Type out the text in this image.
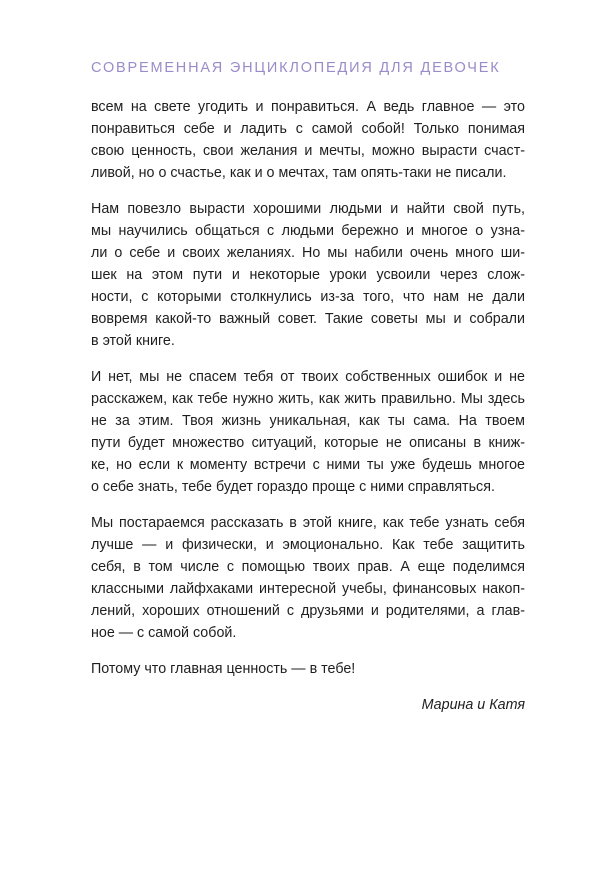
СОВРЕМЕННАЯ ЭНЦИКЛОПЕДИЯ ДЛЯ ДЕВОЧЕК

всем на свете угодить и понравиться. А ведь главное — это
понравиться себе и ладить с самой собой! Только понимая
свою ценность, свои желания и мечты, можно вырасти счаст-
ливой, но о счастье, как и о мечтах, там опять-таки не писали.

Нам повезло вырасти хорошими людьми и найти свой путь,
мы научились общаться с людьми бережно и многое о узна-
ли о себе и своих желаниях. Но мы набили очень много ши-
шек на этом пути и некоторые уроки усвоили через слож-
ности, с которыми столкнулись из-за того, что нам не дали
вовремя какой-то важный совет. Такие советы мы и собрали
в этой книге.

И нет, мы не спасем тебя от твоих собственных ошибок и не
расскажем, как тебе нужно жить, как жить правильно. Мы здесь
не за этим. Твоя жизнь уникальная, как ты сама. На твоем
пути будет множество ситуаций, которые не описаны в книж-
ке, но если к моменту встречи с ними ты уже будешь многое
о себе знать, тебе будет гораздо проще с ними справляться.

Мы постараемся рассказать в этой книге, как тебе узнать себя
лучше — и физически, и эмоционально. Как тебе защитить
себя, в том числе с помощью твоих прав. А еще поделимся
классными лайфхаками интересной учебы, финансовых накоп-
лений, хороших отношений с друзьями и родителями, а глав-
ное — с самой собой.

Потому что главная ценность — в тебе!

Марина и Катя
